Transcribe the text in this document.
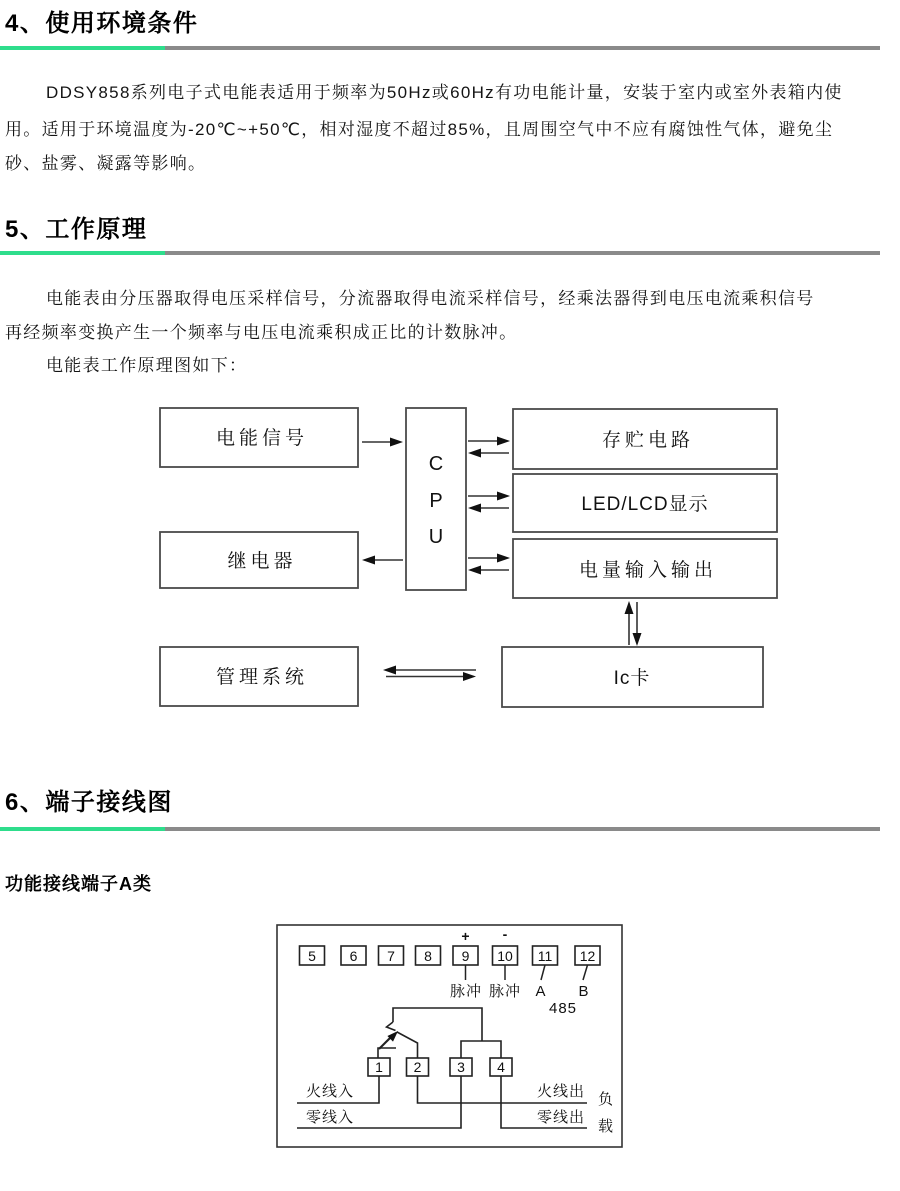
4、使用环境条件
DDSY858系列电子式电能表适用于频率为50Hz或60Hz有功电能计量，安装于室内或室外表箱内使
用。适用于环境温度为-20℃~+50℃，相对湿度不超过85%，且周围空气中不应有腐蚀性气体，避免尘
砂、盐雾、凝露等影响。
5、工作原理
电能表由分压器取得电压采样信号，分流器取得电流采样信号，经乘法器得到电压电流乘积信号
再经频率变换产生一个频率与电压电流乘积成正比的计数脉冲。
电能表工作原理图如下：
电能信号
继电器
管理系统
存贮电路
LED/LCD显示
电量输入输出
Ic卡
C
P
U
6、端子接线图
功能接线端子A类
5 6 7 8 9 10 11 12
+ -
脉冲 脉冲 A B
485
1 2	3 4
火线入
零线入
火线出
零线出
负
载
